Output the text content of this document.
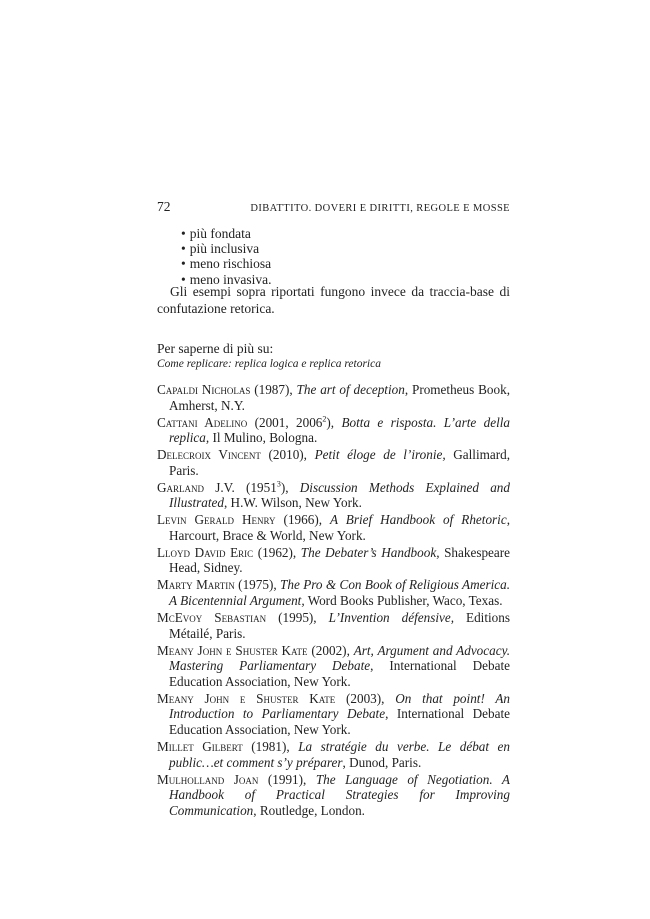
72	DIBATTITO. DOVERI E DIRITTI, REGOLE E MOSSE
• più fondata
• più inclusiva
• meno rischiosa
• meno invasiva.

Gli esempi sopra riportati fungono invece da traccia-base di confutazione retorica.

Per saperne di più su:
Come replicare: replica logica e replica retorica
Capaldi Nicholas (1987), The art of deception, Prometheus Book, Amherst, N.Y.
Cattani Adelino (2001, 2006$^2$), Botta e risposta. L’arte della replica, Il Mulino, Bologna.
Delecroix Vincent (2010), Petit éloge de l’ironie, Gallimard, Paris.
Garland J.V. (1951$^3$), Discussion Methods Explained and Illustrated, H.W. Wilson, New York.
Levin Gerald Henry (1966), A Brief Handbook of Rhetoric, Harcourt, Brace & World, New York.
Lloyd David Eric (1962), The Debater’s Handbook, Shakespeare Head, Sidney.
Marty Martin (1975), The Pro & Con Book of Religious America. A Bicentennial Argument, Word Books Publisher, Waco, Texas.
McEvoy Sebastian (1995), L’Invention défensive, Editions Métailé, Paris.
Meany John e Shuster Kate (2002), Art, Argument and Advocacy. Mastering Parliamentary Debate, International Debate Education Association, New York.
Meany John e Shuster Kate (2003), On that point! An Introduction to Parliamentary Debate, International Debate Education Association, New York.
Millet Gilbert (1981), La stratégie du verbe. Le débat en public…et comment s’y préparer, Dunod, Paris.
Mulholland Joan (1991), The Language of Negotiation. A Handbook of Practical Strategies for Improving Communication, Routledge, London.
